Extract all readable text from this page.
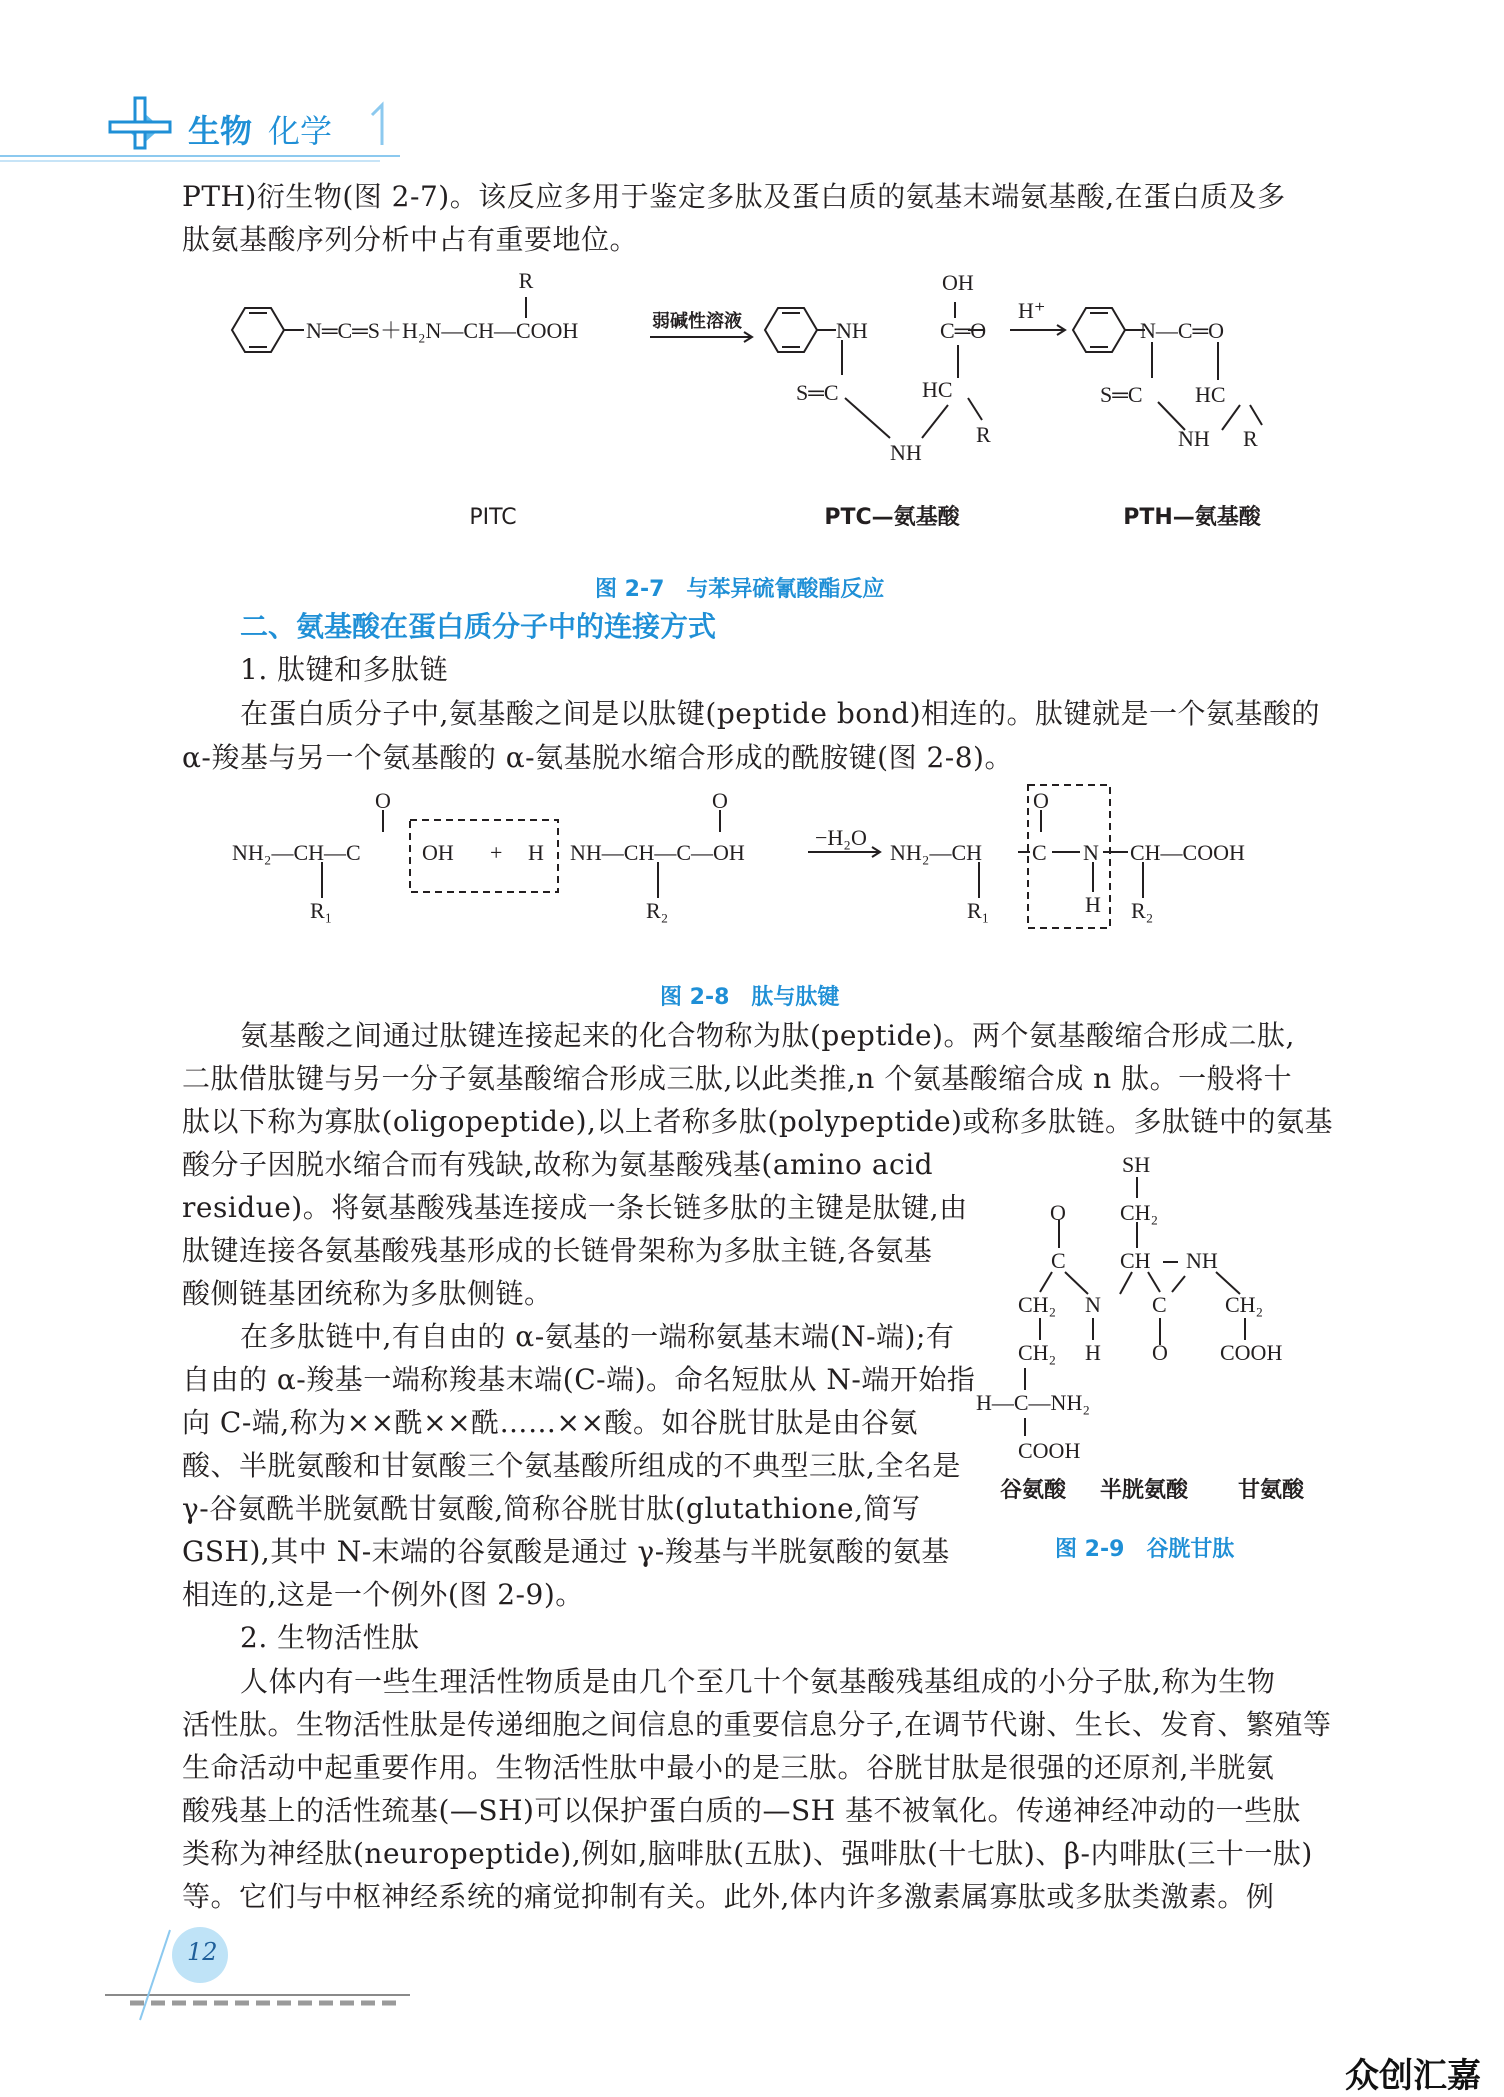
生物 化学
PTH)衍生物(图 2-7)。该反应多用于鉴定多肽及蛋白质的氨基末端氨基酸,在蛋白质及多
肽氨基酸序列分析中占有重要地位。
R
N═C═S＋H₂N—CH—COOH	弱碱性溶液	NH
OH
C═O
S═C	HC
R
NH
H⁺
N—C═O
S═C HC
NH R
PITC	PTC—氨基酸	PTH—氨基酸
图 2-7　与苯异硫氰酸酯反应
二、氨基酸在蛋白质分子中的连接方式
1. 肽键和多肽链
在蛋白质分子中,氨基酸之间是以肽键(peptide bond)相连的。肽键就是一个氨基酸的
α-羧基与另一个氨基酸的 α-氨基脱水缩合形成的酰胺键(图 2-8)。
NH₂—CH—C
O
OH + H NH—CH—C—OH
O
−H₂O
R₁	R₂
NH₂—CH C
O
N
H
CH—COOH
R₁	R₂
图 2-8　肽与肽键
氨基酸之间通过肽键连接起来的化合物称为肽(peptide)。两个氨基酸缩合形成二肽,
二肽借肽键与另一分子氨基酸缩合形成三肽,以此类推,n 个氨基酸缩合成 n 肽。一般将十
肽以下称为寡肽(oligopeptide),以上者称多肽(polypeptide)或称多肽链。多肽链中的氨基
酸分子因脱水缩合而有残缺,故称为氨基酸残基(amino acid
residue)。将氨基酸残基连接成一条长链多肽的主键是肽键,由
肽键连接各氨基酸残基形成的长链骨架称为多肽主链,各氨基
酸侧链基团统称为多肽侧链。
在多肽链中,有自由的 α-氨基的一端称氨基末端(N-端);有
自由的 α-羧基一端称羧基末端(C-端)。命名短肽从 N-端开始指
向 C-端,称为××酰××酰……××酸。如谷胱甘肽是由谷氨
酸、半胱氨酸和甘氨酸三个氨基酸所组成的不典型三肽,全名是
γ-谷氨酰半胱氨酰甘氨酸,简称谷胱甘肽(glutathione,简写
GSH),其中 N-末端的谷氨酸是通过 γ-羧基与半胱氨酸的氨基
相连的,这是一个例外(图 2-9)。
SH
CH₂
O
C CH NH
CH₂ N C	CH₂
CH₂ H O COOH
H—C—NH₂
COOH
谷氨酸 半胱氨酸 甘氨酸
图 2-9　谷胱甘肽
2. 生物活性肽
人体内有一些生理活性物质是由几个至几十个氨基酸残基组成的小分子肽,称为生物
活性肽。生物活性肽是传递细胞之间信息的重要信息分子,在调节代谢、生长、发育、繁殖等
生命活动中起重要作用。生物活性肽中最小的是三肽。谷胱甘肽是很强的还原剂,半胱氨
酸残基上的活性巯基(—SH)可以保护蛋白质的—SH 基不被氧化。传递神经冲动的一些肽
类称为神经肽(neuropeptide),例如,脑啡肽(五肽)、强啡肽(十七肽)、β-内啡肽(三十一肽)
等。它们与中枢神经系统的痛觉抑制有关。此外,体内许多激素属寡肽或多肽类激素。例
12
众创汇嘉
